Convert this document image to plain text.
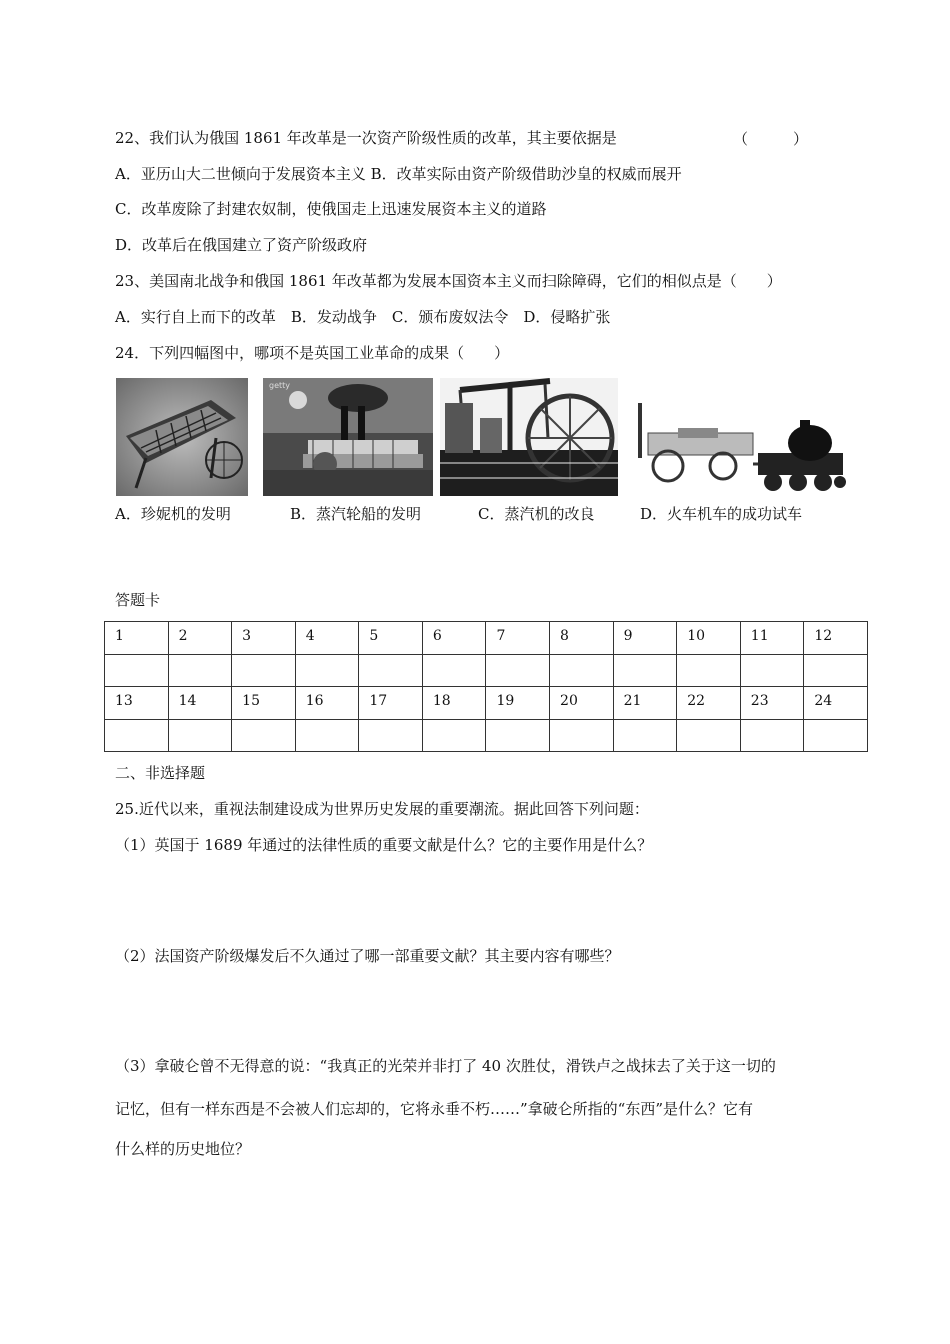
22、我们认为俄国 1861 年改革是一次资产阶级性质的改革，其主要依据是	（　　　）
A．亚历山大二世倾向于发展资本主义 B．改革实际由资产阶级借助沙皇的权威而展开
C．改革废除了封建农奴制，使俄国走上迅速发展资本主义的道路
D．改革后在俄国建立了资产阶级政府
23、美国南北战争和俄国 1861 年改革都为发展本国资本主义而扫除障碍，它们的相似点是（　　）
A．实行自上而下的改革　B．发动战争　C．颁布废奴法令　D．侵略扩张
24．下列四幅图中，哪项不是英国工业革命的成果（　　）
getty
A．珍妮机的发明	B．蒸汽轮船的发明	C．蒸汽机的改良	D．火车机车的成功试车
答题卡
1	2	3	4	5	6	7	8	9	10	11	12

13	14	15	16	17	18	19	20	21	22	23	24

二、非选择题
25.近代以来，重视法制建设成为世界历史发展的重要潮流。据此回答下列问题：
（1）英国于 1689 年通过的法律性质的重要文献是什么？它的主要作用是什么？
（2）法国资产阶级爆发后不久通过了哪一部重要文献？其主要内容有哪些？
（3）拿破仑曾不无得意的说：“我真正的光荣并非打了 40 次胜仗，滑铁卢之战抹去了关于这一切的
记忆，但有一样东西是不会被人们忘却的，它将永垂不朽……”拿破仑所指的“东西”是什么？它有
什么样的历史地位？
